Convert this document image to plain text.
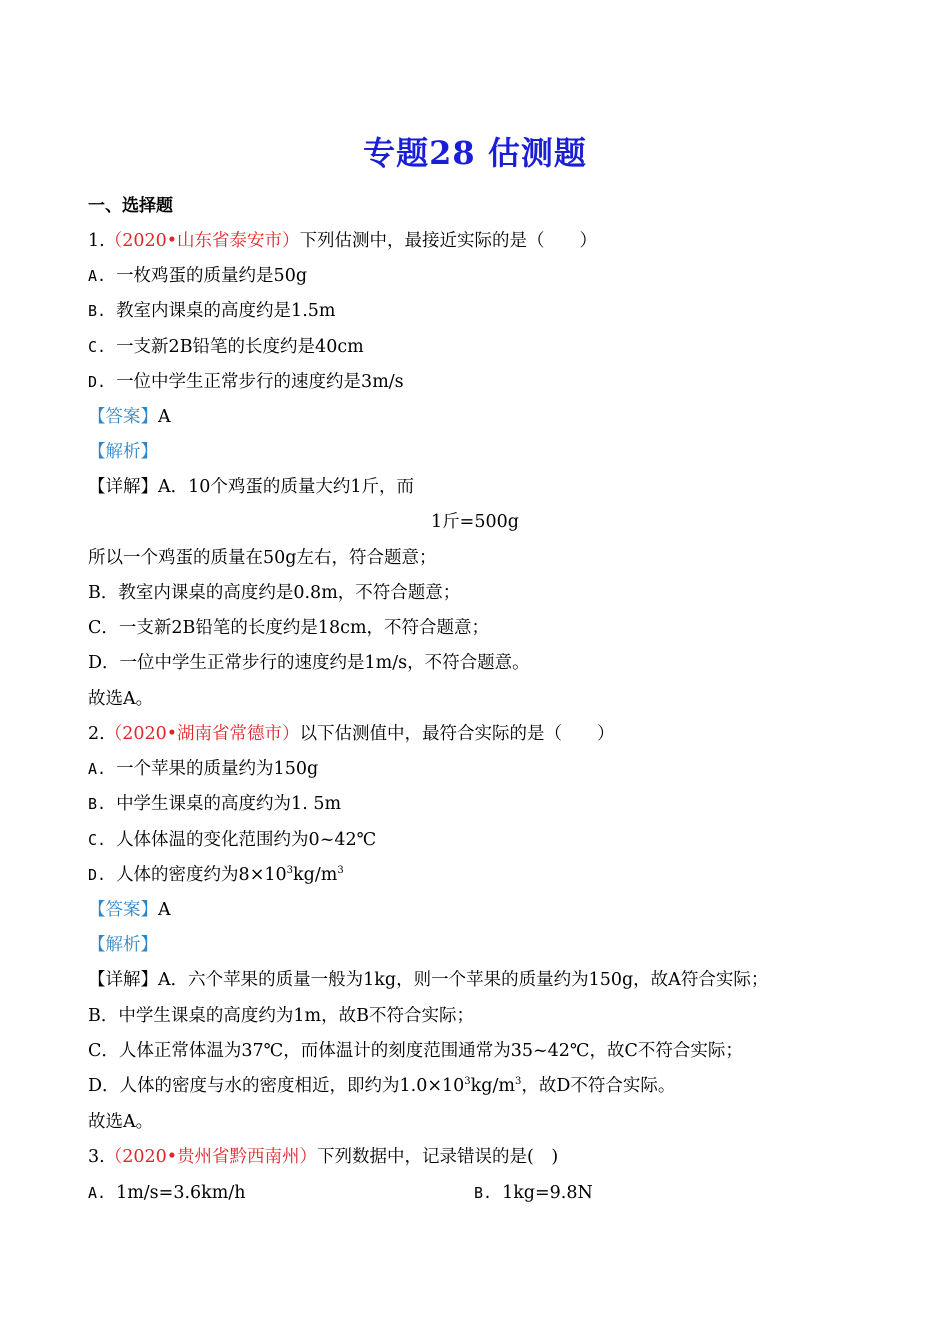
专题28 估测题
一、选择题
1.（2020•山东省泰安市）下列估测中，最接近实际的是（　　）
A. 一枚鸡蛋的质量约是50g
B. 教室内课桌的高度约是1.5m
C. 一支新2B铅笔的长度约是40cm
D. 一位中学生正常步行的速度约是3m/s
【答案】A
【解析】
【详解】A．10个鸡蛋的质量大约1斤，而
1斤=500g
所以一个鸡蛋的质量在50g左右，符合题意；
B．教室内课桌的高度约是0.8m，不符合题意；
C．一支新2B铅笔的长度约是18cm，不符合题意；
D．一位中学生正常步行的速度约是1m/s，不符合题意。
故选A。
2.（2020•湖南省常德市）以下估测值中，最符合实际的是（　　）
A. 一个苹果的质量约为150g
B. 中学生课桌的高度约为1. 5m
C. 人体体温的变化范围约为0~42℃
D. 人体的密度约为$8\times 10^3kg/m^3$
【答案】A
【解析】
【详解】A．六个苹果的质量一般为1kg，则一个苹果的质量约为150g，故A符合实际；
B．中学生课桌的高度约为1m，故B不符合实际；
C．人体正常体温为37℃，而体温计的刻度范围通常为35~42℃，故C不符合实际；
D．人体的密度与水的密度相近，即约为$1.0\times 10^3kg/m^3$，故D不符合实际。
故选A。
3.（2020•贵州省黔西南州）下列数据中，记录错误的是(　)
A. 1m/s=3.6km/h	B. 1kg=9.8N
